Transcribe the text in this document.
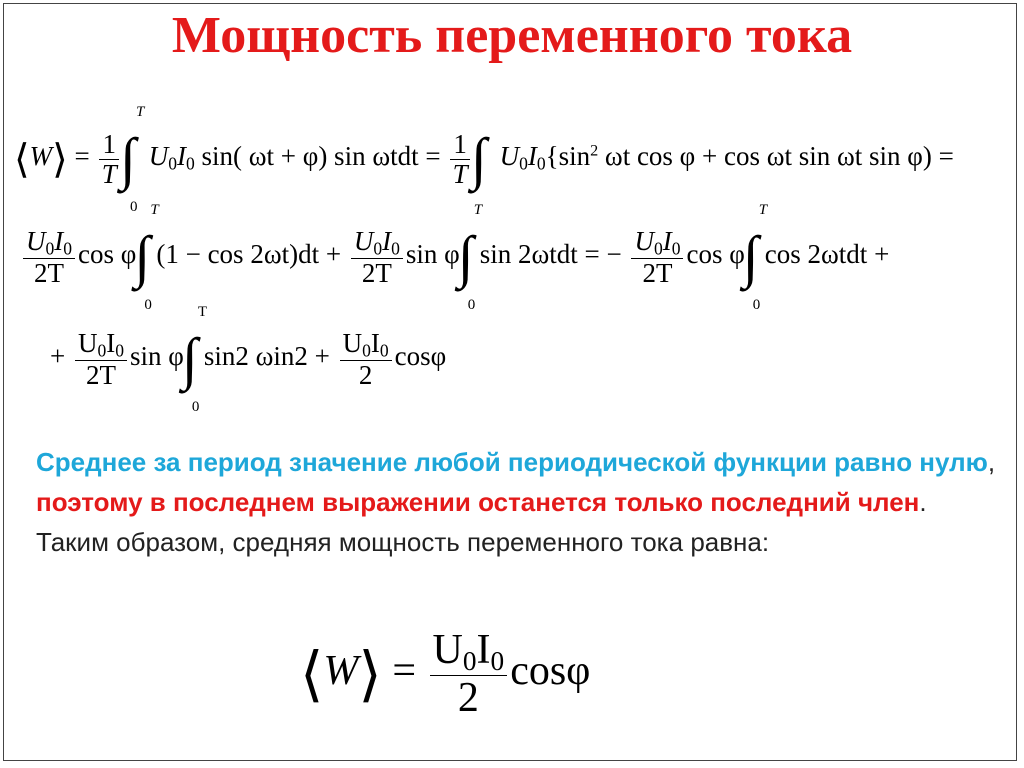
Мощность переменного тока
⟨W⟩ = $\frac{1}{T}$ ∫
T
0
$U_0I_0$ sin( ωt + φ) $\sin \omega tdt = \frac{1}{T}$ ∫ $U_0I_0\{\sin^2$ ωt cos φ + cos ωt sin ωt sin φ) =
$\frac{U_0I_0}{2T}$ cos φ
∫
T
0
$(1 - \cos 2\omega t)dt + \frac{U_0I_0}{2T}$ sin φ
∫
T
0
sin 2ωtdt = − $\frac{U_0I_0}{2T}$ cos φ
∫
T
0
cos 2ωtdt +
+ $\frac{U_0I_0}{2T}$ sin φ
∫
T
0
sin2 $\omega in2 + \frac{U_0I_0}{2}$ cosφ
Среднее за период значение любой периодической функции равно нулю, поэтому в последнем выражении останется только последний член. Таким образом, средняя мощность переменного тока равна:
⟨W⟩ = $\frac{U_0I_0}{2}$ cosφ
